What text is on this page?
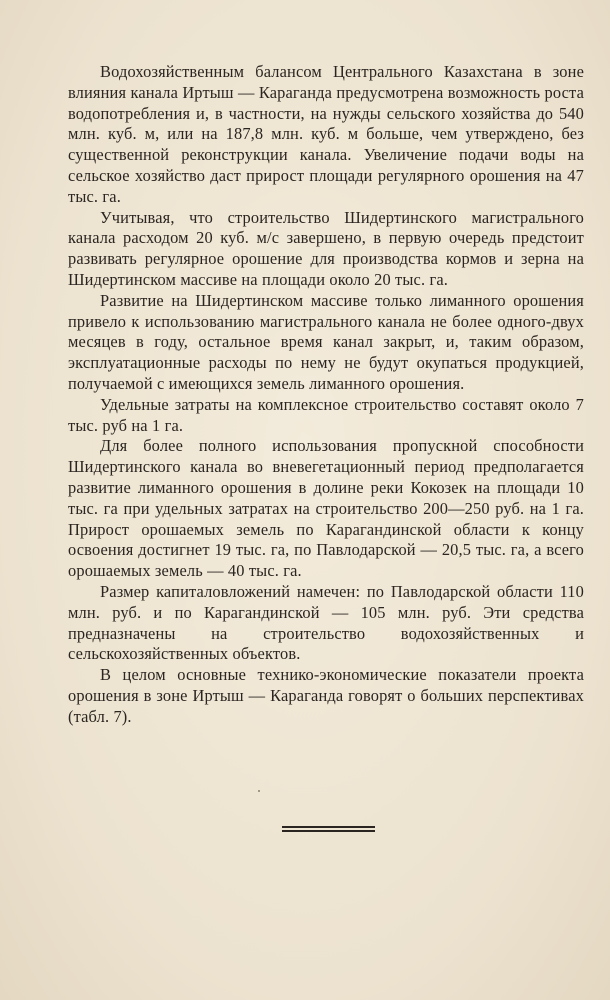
Водохозяйственным балансом Центрального Казахстана в зоне влияния канала Иртыш — Караганда предусмотрена возможность роста водопотребления и, в частности, на нужды сельского хозяйства до 540 млн. куб. м, или на 187,8 млн. куб. м больше, чем утверждено, без существенной реконструкции канала. Увеличение подачи воды на сельское хозяйство даст прирост площади регулярного орошения на 47 тыс. га.

Учитывая, что строительство Шидертинского магистрального канала расходом 20 куб. м/с завершено, в первую очередь предстоит развивать регулярное орошение для производства кормов и зерна на Шидертинском массиве на площади около 20 тыс. га.

Развитие на Шидертинском массиве только лиманного орошения привело к использованию магистрального канала не более одного-двух месяцев в году, остальное время канал закрыт, и, таким образом, эксплуатационные расходы по нему не будут окупаться продукцией, получаемой с имеющихся земель лиманного орошения.

Удельные затраты на комплексное строительство составят около 7 тыс. руб на 1 га.

Для более полного использования пропускной способности Шидертинского канала во вневегетационный период предполагается развитие лиманного орошения в долине реки Кокозек на площади 10 тыс. га при удельных затратах на строительство 200—250 руб. на 1 га. Прирост орошаемых земель по Карагандинской области к концу освоения достигнет 19 тыс. га, по Павлодарской — 20,5 тыс. га, а всего орошаемых земель — 40 тыс. га.

Размер капиталовложений намечен: по Павлодарской области 110 млн. руб. и по Карагандинской — 105 млн. руб. Эти средства предназначены на строительство водохозяйственных и сельскохозяйственных объектов.

В целом основные технико-экономические показатели проекта орошения в зоне Иртыш — Караганда говорят о больших перспективах (табл. 7).
